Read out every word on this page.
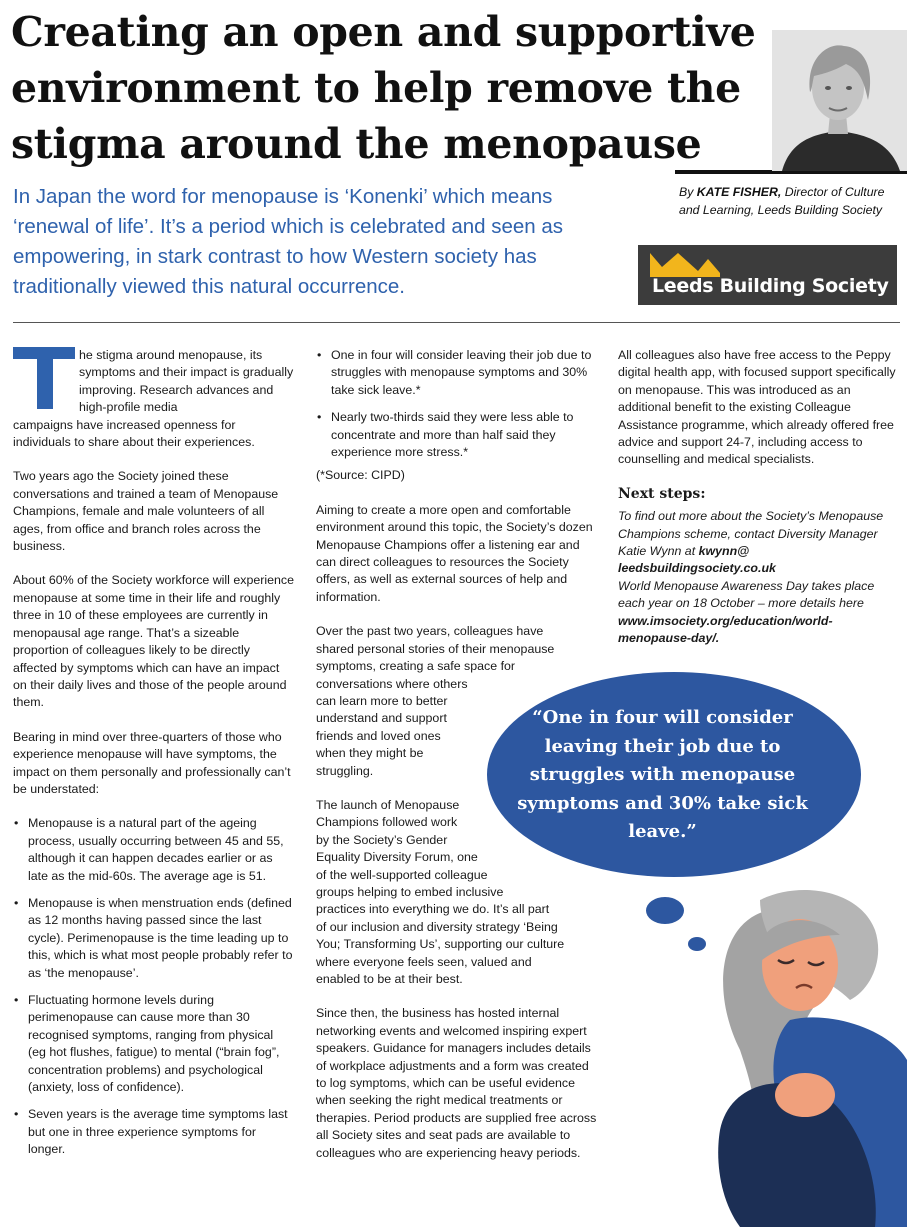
Creating an open and supportive environment to help remove the stigma around the menopause

In Japan the word for menopause is ‘Konenki’ which means ‘renewal of life’. It’s a period which is celebrated and seen as empowering, in stark contrast to how Western society has traditionally viewed this natural occurrence.

By KATE FISHER, Director of Culture and Learning, Leeds Building Society

Leeds Building Society

he stigma around menopause, its symptoms and their impact is gradually improving. Research advances and high-profile media
campaigns have increased openness for individuals to share about their experiences.

Two years ago the Society joined these conversations and trained a team of Menopause Champions, female and male volunteers of all ages, from office and branch roles across the business.

About 60% of the Society workforce will experience menopause at some time in their life and roughly three in 10 of these employees are currently in menopausal age range. That’s a sizeable proportion of colleagues likely to be directly affected by symptoms which can have an impact on their daily lives and those of the people around them.

Bearing in mind over three-quarters of those who experience menopause will have symptoms, the impact on them personally and professionally can’t be understated:

• Menopause is a natural part of the ageing process, usually occurring between 45 and 55, although it can happen decades earlier or as late as the mid-60s. The average age is 51.
• Menopause is when menstruation ends (defined as 12 months having passed since the last cycle). Perimenopause is the time leading up to this, which is what most people probably refer to as ‘the menopause’.
• Fluctuating hormone levels during perimenopause can cause more than 30 recognised symptoms, ranging from physical (eg hot flushes, fatigue) to mental (“brain fog”, concentration problems) and psychological (anxiety, loss of confidence).
• Seven years is the average time symptoms last but one in three experience symptoms for longer.
• One in four will consider leaving their job due to struggles with menopause symptoms and 30% take sick leave.*
• Nearly two-thirds said they were less able to concentrate and more than half said they experience more stress.*

(*Source: CIPD)

Aiming to create a more open and comfortable environment around this topic, the Society’s dozen Menopause Champions offer a listening ear and can direct colleagues to resources the Society offers, as well as external sources of help and information.

Over the past two years, colleagues have
shared personal stories of their menopause
symptoms, creating a safe space for
conversations where others
can learn more to better
understand and support
friends and loved ones
when they might be
struggling.

The launch of Menopause
Champions followed work
by the Society’s Gender
Equality Diversity Forum, one
of the well-supported colleague
groups helping to embed inclusive
practices into everything we do. It’s all part
of our inclusion and diversity strategy ‘Being
You; Transforming Us’, supporting our culture
where everyone feels seen, valued and
enabled to be at their best.

Since then, the business has hosted internal networking events and welcomed inspiring expert speakers. Guidance for managers includes details of workplace adjustments and a form was created to log symptoms, which can be useful evidence when seeking the right medical treatments or therapies. Period products are supplied free across all Society sites and seat pads are available to colleagues who are experiencing heavy periods.

All colleagues also have free access to the Peppy digital health app, with focused support specifically on menopause. This was introduced as an additional benefit to the existing Colleague Assistance programme, which already offered free advice and support 24-7, including access to counselling and medical specialists.

Next steps:

To find out more about the Society’s Menopause Champions scheme, contact Diversity Manager Katie Wynn at kwynn@ leedsbuildingsociety.co.uk
World Menopause Awareness Day takes place each year on 18 October – more details here www.imsociety.org/education/world-menopause-day/.

“One in four will consider leaving their job due to struggles with menopause symptoms and 30% take sick leave.”
